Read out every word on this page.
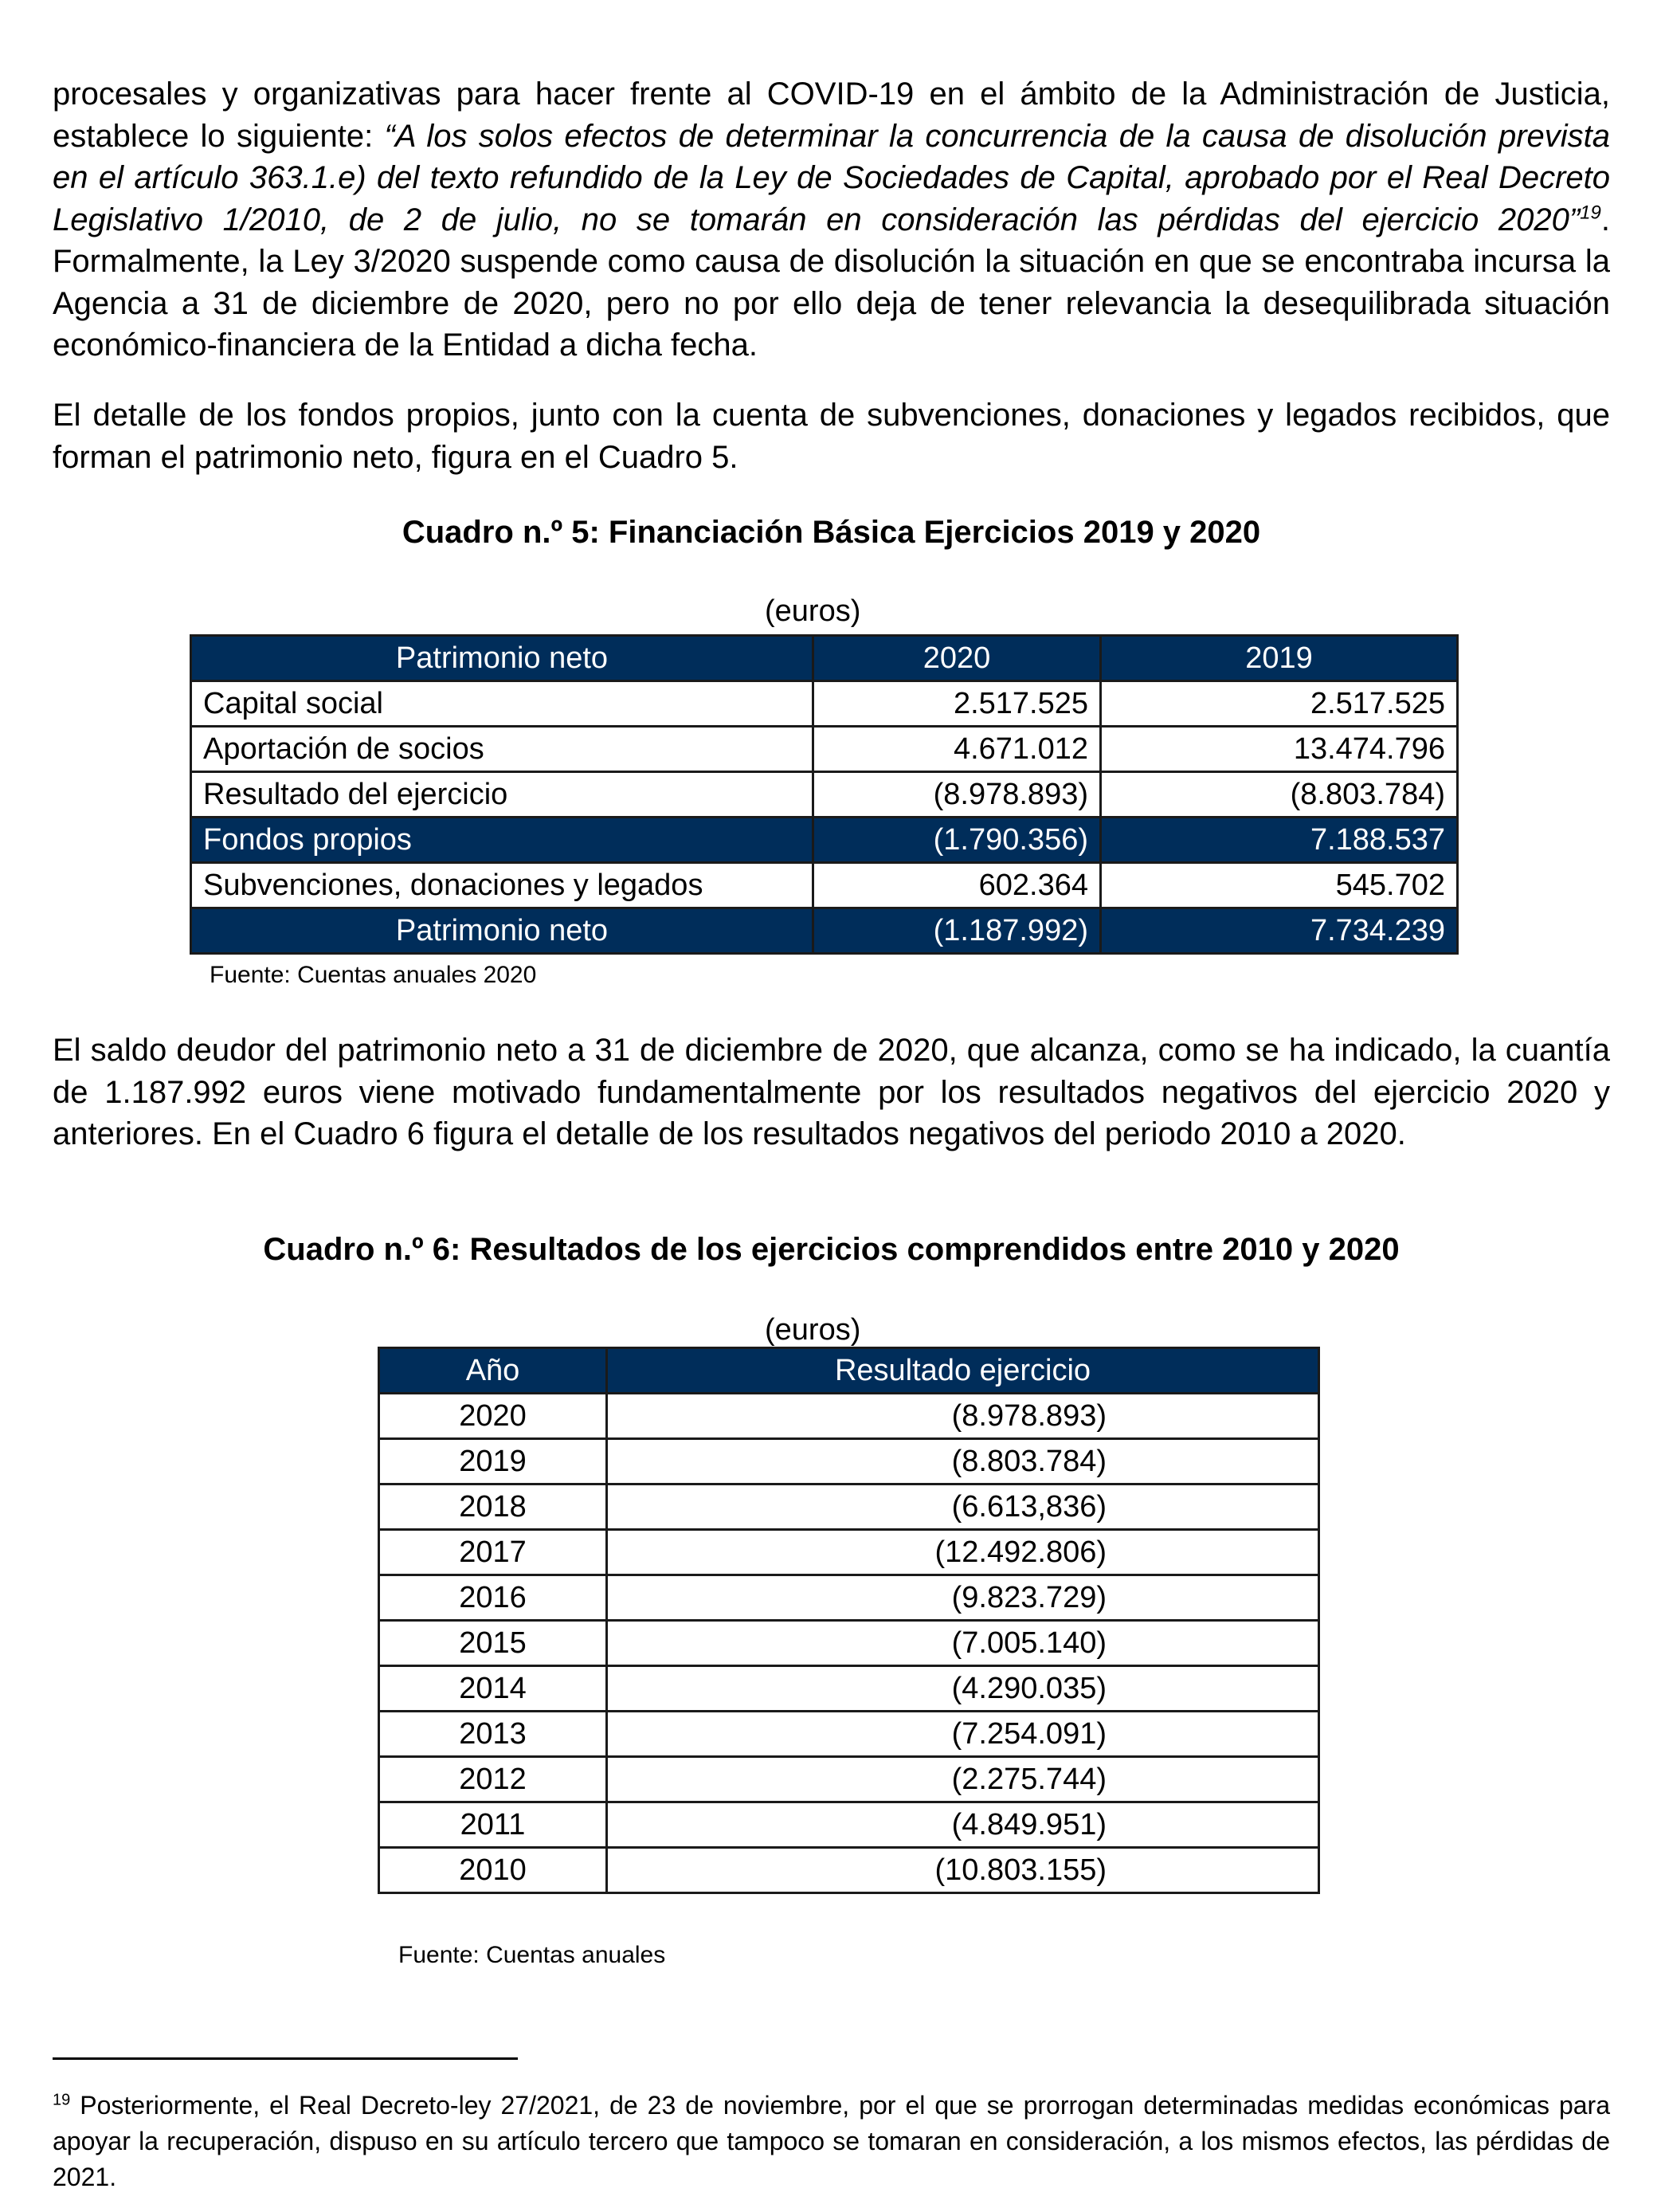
procesales y organizativas para hacer frente al COVID-19 en el ámbito de la Administración de Justicia, establece lo siguiente: “A los solos efectos de determinar la concurrencia de la causa de disolución prevista en el artículo 363.1.e) del texto refundido de la Ley de Sociedades de Capital, aprobado por el Real Decreto Legislativo 1/2010, de 2 de julio, no se tomarán en consideración las pérdidas del ejercicio 2020”$^{19}$. Formalmente, la Ley 3/2020 suspende como causa de disolución la situación en que se encontraba incursa la Agencia a 31 de diciembre de 2020, pero no por ello deja de tener relevancia la desequilibrada situación económico-financiera de la Entidad a dicha fecha.

El detalle de los fondos propios, junto con la cuenta de subvenciones, donaciones y legados recibidos, que forman el patrimonio neto, figura en el Cuadro 5.

Cuadro n.º 5: Financiación Básica Ejercicios 2019 y 2020
(euros)
Patrimonio neto	2020	2019
Capital social	2.517.525	2.517.525
Aportación de socios	4.671.012	13.474.796
Resultado del ejercicio	(8.978.893)	(8.803.784)
Fondos propios	(1.790.356)	7.188.537
Subvenciones, donaciones y legados	602.364	545.702
Patrimonio neto	(1.187.992)	7.734.239
Fuente: Cuentas anuales 2020

El saldo deudor del patrimonio neto a 31 de diciembre de 2020, que alcanza, como se ha indicado, la cuantía de 1.187.992 euros viene motivado fundamentalmente por los resultados negativos del ejercicio 2020 y anteriores. En el Cuadro 6 figura el detalle de los resultados negativos del periodo 2010 a 2020.

Cuadro n.º 6: Resultados de los ejercicios comprendidos entre 2010 y 2020
(euros)
Año	Resultado ejercicio
2020	(8.978.893)
2019	(8.803.784)
2018	(6.613,836)
2017	(12.492.806)
2016	(9.823.729)
2015	(7.005.140)
2014	(4.290.035)
2013	(7.254.091)
2012	(2.275.744)
2011	(4.849.951)
2010	(10.803.155)
Fuente: Cuentas anuales

$^{19}$ Posteriormente, el Real Decreto-ley 27/2021, de 23 de noviembre, por el que se prorrogan determinadas medidas económicas para apoyar la recuperación, dispuso en su artículo tercero que tampoco se tomaran en consideración, a los mismos efectos, las pérdidas de 2021.
